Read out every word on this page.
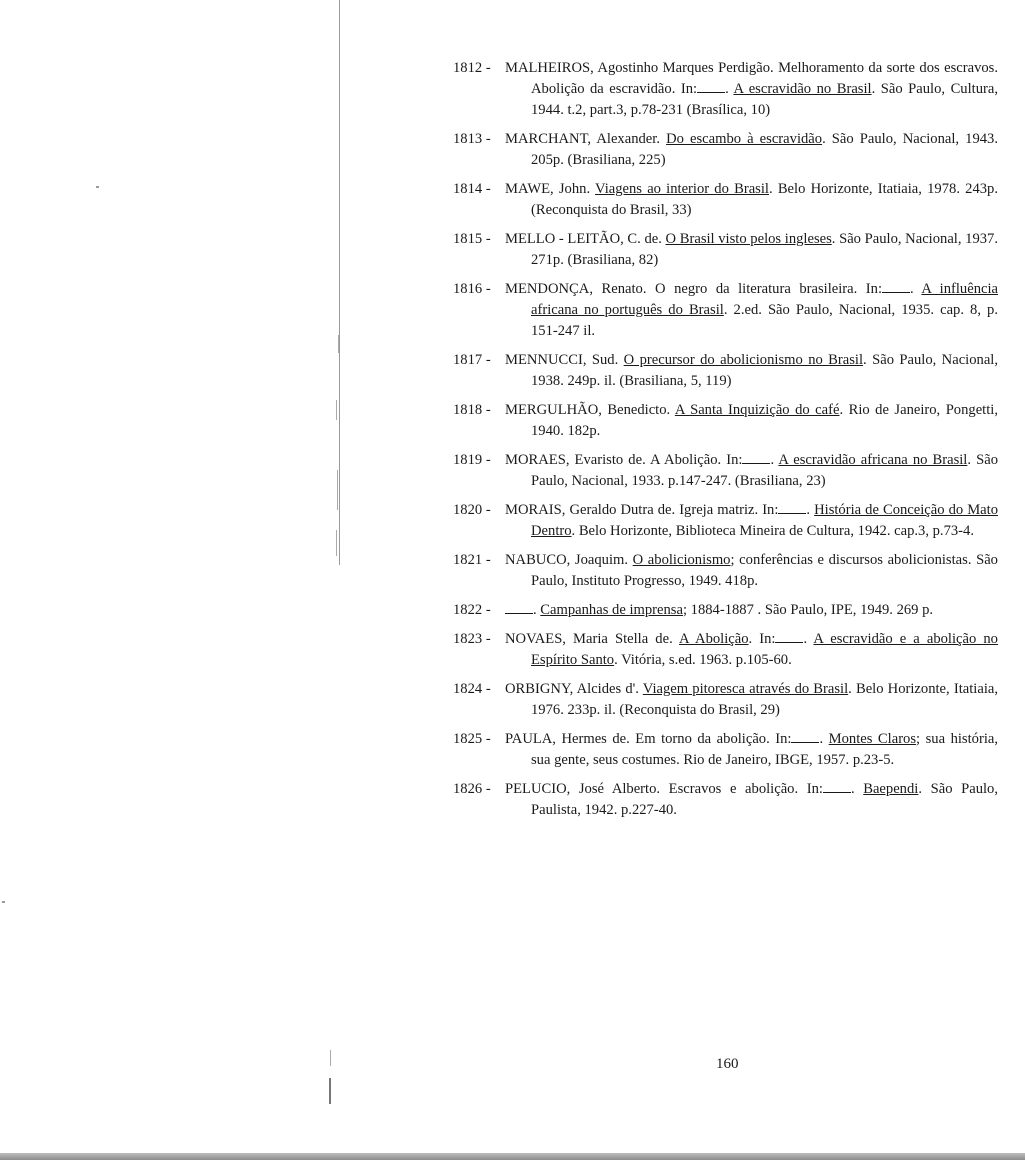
1812 - MALHEIROS, Agostinho Marques Perdigão. Melhoramento da sorte dos escravos. Abolição da escravidão. In: . A escravidão no Brasil. São Paulo, Cultura, 1944. t.2, part.3, p.78-231 (Brasílica, 10)
1813 - MARCHANT, Alexander. Do escambo à escravidão. São Paulo, Nacional, 1943. 205p. (Brasiliana, 225)
1814 - MAWE, John. Viagens ao interior do Brasil. Belo Horizonte, Itatiaia, 1978. 243p. (Reconquista do Brasil, 33)
1815 - MELLO - LEITÃO, C. de. O Brasil visto pelos ingleses. São Paulo, Nacional, 1937. 271p. (Brasiliana, 82)
1816 - MENDONÇA, Renato. O negro da literatura brasileira. In: . A influência africana no português do Brasil. 2.ed. São Paulo, Nacional, 1935. cap. 8, p. 151-247 il.
1817 - MENNUCCI, Sud. O precursor do abolicionismo no Brasil. São Paulo, Nacional, 1938. 249p. il. (Brasiliana, 5, 119)
1818 - MERGULHÃO, Benedicto. A Santa Inquizição do café. Rio de Janeiro, Pongetti, 1940. 182p.
1819 - MORAES, Evaristo de. A Abolição. In: . A escravidão africana no Brasil. São Paulo, Nacional, 1933. p.147-247. (Brasiliana, 23)
1820 - MORAIS, Geraldo Dutra de. Igreja matriz. In: . História de Conceição do Mato Dentro. Belo Horizonte, Biblioteca Mineira de Cultura, 1942. cap.3, p.73-4.
1821 - NABUCO, Joaquim. O abolicionismo; conferências e discursos abolicionistas. São Paulo, Instituto Progresso, 1949. 418p.
1822 -	. Campanhas de imprensa; 1884-1887 . São Paulo, IPE, 1949. 269 p.
1823 - NOVAES, Maria Stella de. A Abolição. In: . A escravidão e a abolição no Espírito Santo. Vitória, s.ed. 1963. p.105-60.
1824 - ORBIGNY, Alcides d'. Viagem pitoresca através do Brasil. Belo Horizonte, Itatiaia, 1976. 233p. il. (Reconquista do Brasil, 29)
1825 - PAULA, Hermes de. Em torno da abolição. In: . Montes Claros; sua história, sua gente, seus costumes. Rio de Janeiro, IBGE, 1957. p.23-5.
1826 - PELUCIO, José Alberto. Escravos e abolição. In: . Baependi. São Paulo, Paulista, 1942. p.227-40.
160
